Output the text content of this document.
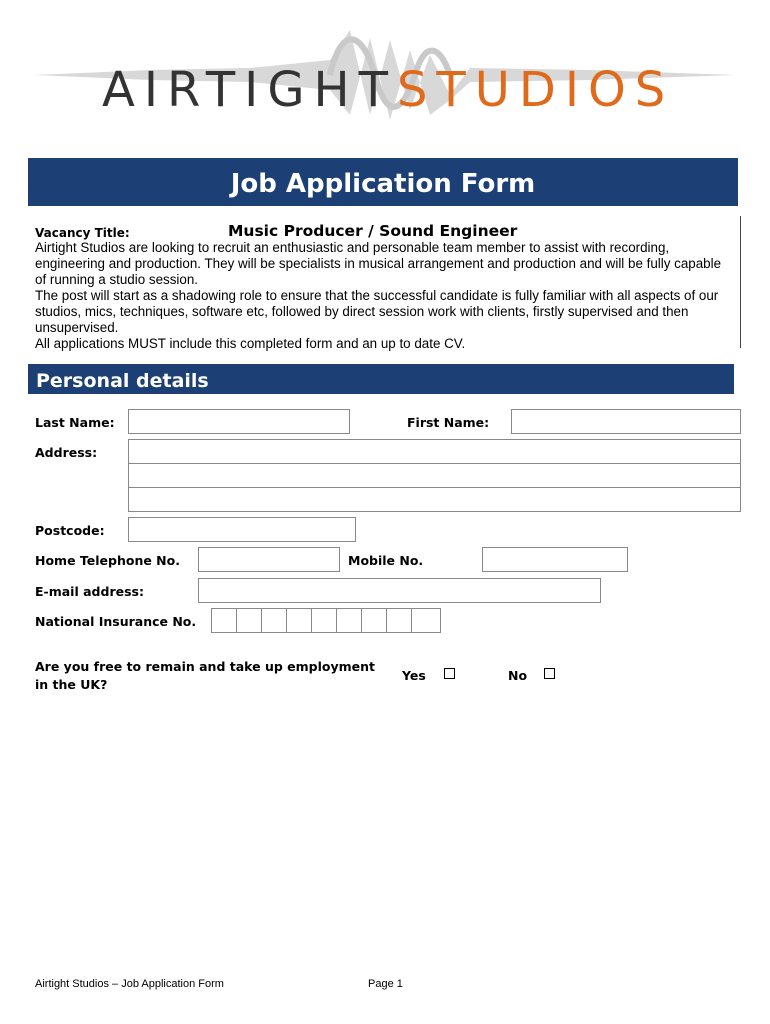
AIRTIGHTSTUDIOS
Job Application Form
Vacancy Title:	Music Producer / Sound Engineer

Airtight Studios are looking to recruit an enthusiastic and personable team member to assist with recording, engineering and production. They will be specialists in musical arrangement and production and will be fully capable of running a studio session.

The post will start as a shadowing role to ensure that the successful candidate is fully familiar with all aspects of our studios, mics, techniques, software etc, followed by direct session work with clients, firstly supervised and then unsupervised.

All applications MUST include this completed form and an up to date CV.

Personal details
Last Name:	First Name:
Address:
Postcode:
Home Telephone No.	Mobile No.
E-mail address:
National Insurance No.
Are you free to remain and take up employment
in the UK?
Yes	No
Airtight Studios – Job Application Form	Page 1
